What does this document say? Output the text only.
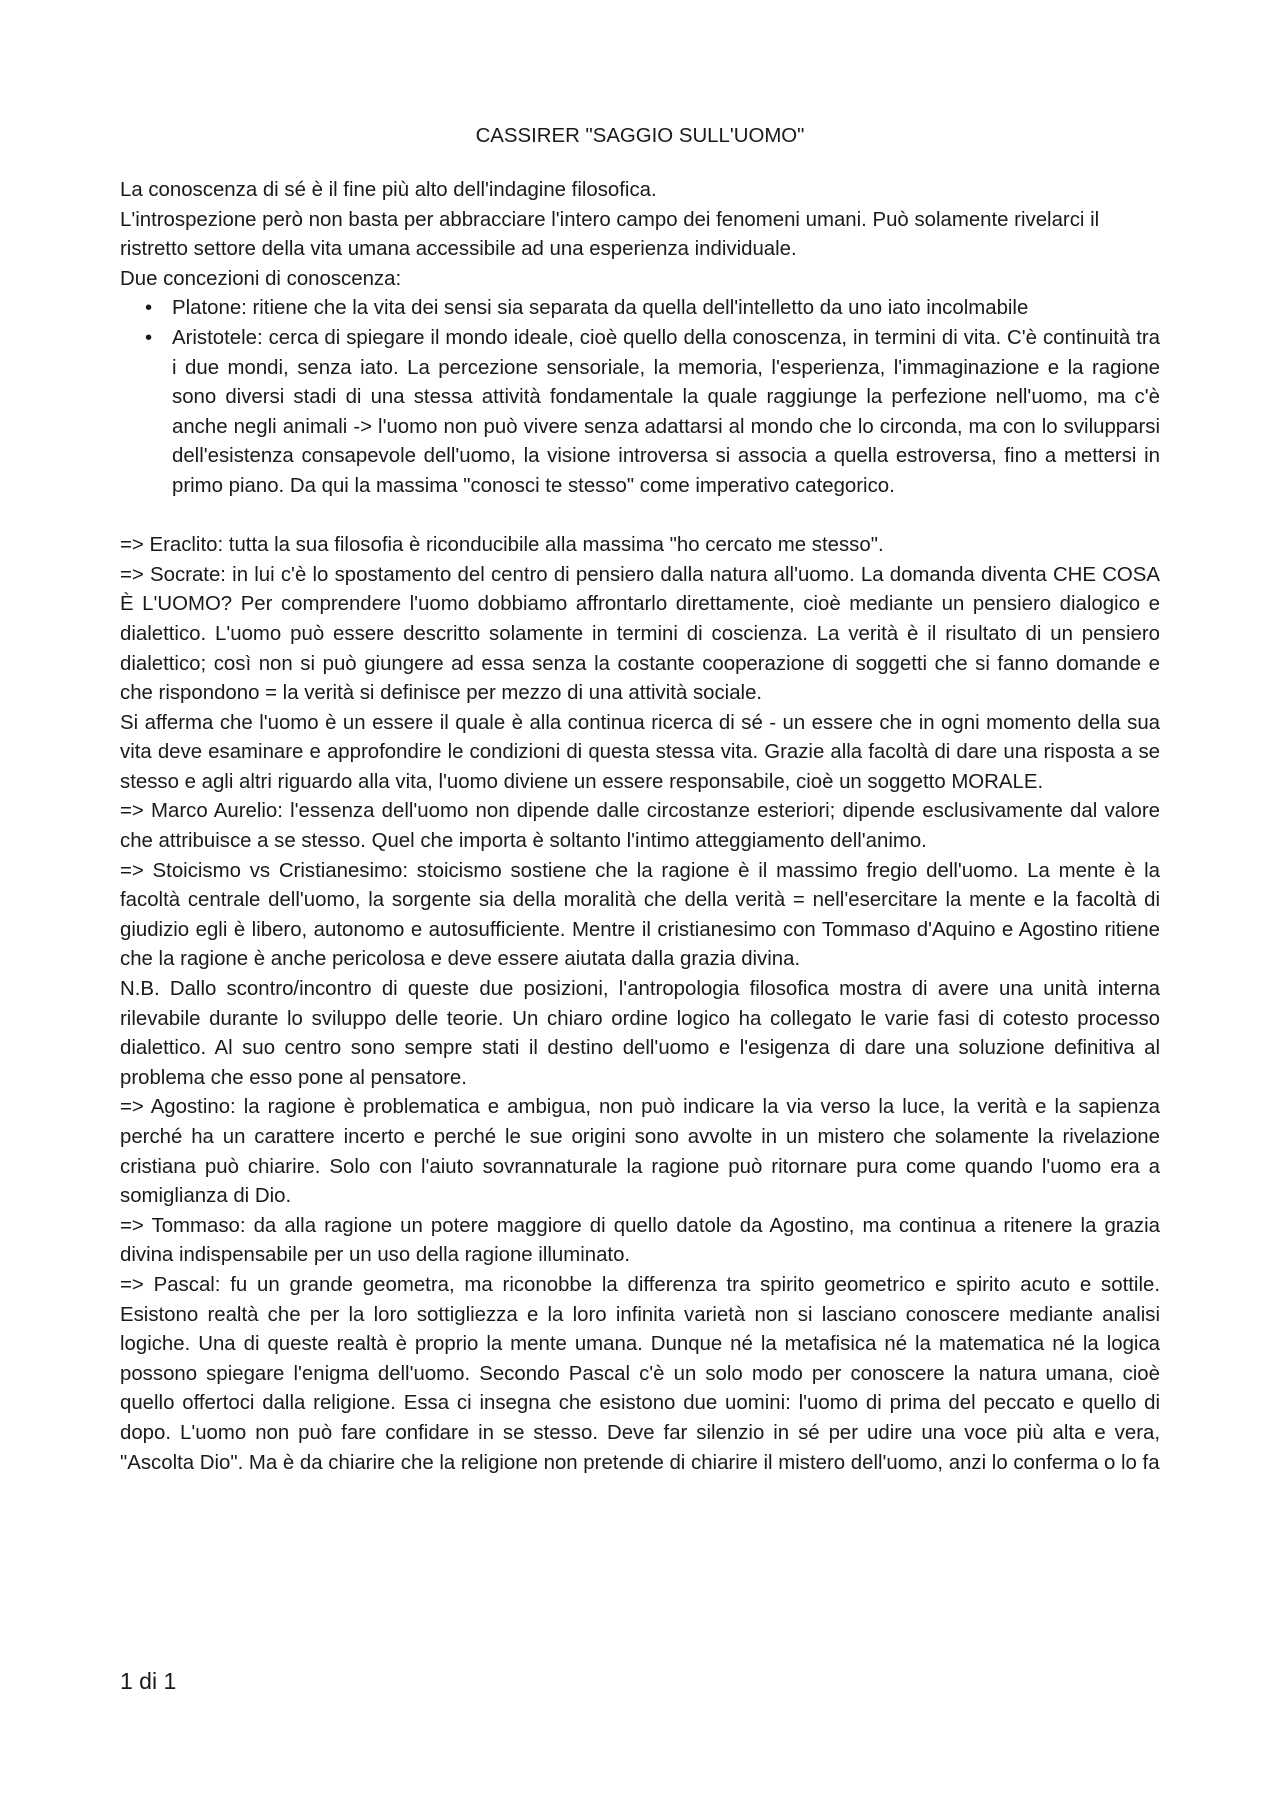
CASSIRER "SAGGIO SULL'UOMO"

La conoscenza di sé è il fine più alto dell'indagine filosofica.

L'introspezione però non basta per abbracciare l'intero campo dei fenomeni umani. Può solamente rivelarci il ristretto settore della vita umana accessibile ad una esperienza individuale.

Due concezioni di conoscenza:

• Platone: ritiene che la vita dei sensi sia separata da quella dell'intelletto da uno iato incolmabile
• Aristotele: cerca di spiegare il mondo ideale, cioè quello della conoscenza, in termini di vita. C'è continuità tra i due mondi, senza iato. La percezione sensoriale, la memoria, l'esperienza, l'immaginazione e la ragione sono diversi stadi di una stessa attività fondamentale la quale raggiunge la perfezione nell'uomo, ma c'è anche negli animali -> l'uomo non può vivere senza adattarsi al mondo che lo circonda, ma con lo svilupparsi dell'esistenza consapevole dell'uomo, la visione introversa si associa a quella estroversa, fino a mettersi in primo piano. Da qui la massima "conosci te stesso" come imperativo categorico.

=> Eraclito: tutta la sua filosofia è riconducibile alla massima "ho cercato me stesso".

=> Socrate: in lui c'è lo spostamento del centro di pensiero dalla natura all'uomo. La domanda diventa CHE COSA È L'UOMO? Per comprendere l'uomo dobbiamo affrontarlo direttamente, cioè mediante un pensiero dialogico e dialettico. L'uomo può essere descritto solamente in termini di coscienza. La verità è il risultato di un pensiero dialettico; così non si può giungere ad essa senza la costante cooperazione di soggetti che si fanno domande e che rispondono = la verità si definisce per mezzo di una attività sociale.

Si afferma che l'uomo è un essere il quale è alla continua ricerca di sé - un essere che in ogni momento della sua vita deve esaminare e approfondire le condizioni di questa stessa vita. Grazie alla facoltà di dare una risposta a se stesso e agli altri riguardo alla vita, l'uomo diviene un essere responsabile, cioè un soggetto MORALE.

=> Marco Aurelio: l'essenza dell'uomo non dipende dalle circostanze esteriori; dipende esclusivamente dal valore che attribuisce a se stesso. Quel che importa è soltanto l'intimo atteggiamento dell'animo.

=> Stoicismo vs Cristianesimo: stoicismo sostiene che la ragione è il massimo fregio dell'uomo. La mente è la facoltà centrale dell'uomo, la sorgente sia della moralità che della verità = nell'esercitare la mente e la facoltà di giudizio egli è libero, autonomo e autosufficiente. Mentre il cristianesimo con Tommaso d'Aquino e Agostino ritiene che la ragione è anche pericolosa e deve essere aiutata dalla grazia divina.

N.B. Dallo scontro/incontro di queste due posizioni, l'antropologia filosofica mostra di avere una unità interna rilevabile durante lo sviluppo delle teorie. Un chiaro ordine logico ha collegato le varie fasi di cotesto processo dialettico. Al suo centro sono sempre stati il destino dell'uomo e l'esigenza di dare una soluzione definitiva al problema che esso pone al pensatore.

=> Agostino: la ragione è problematica e ambigua, non può indicare la via verso la luce, la verità e la sapienza perché ha un carattere incerto e perché le sue origini sono avvolte in un mistero che solamente la rivelazione cristiana può chiarire. Solo con l'aiuto sovrannaturale la ragione può ritornare pura come quando l'uomo era a somiglianza di Dio.

=> Tommaso: da alla ragione un potere maggiore di quello datole da Agostino, ma continua a ritenere la grazia divina indispensabile per un uso della ragione illuminato.

=> Pascal: fu un grande geometra, ma riconobbe la differenza tra spirito geometrico e spirito acuto e sottile. Esistono realtà che per la loro sottigliezza e la loro infinita varietà non si lasciano conoscere mediante analisi logiche. Una di queste realtà è proprio la mente umana. Dunque né la metafisica né la matematica né la logica possono spiegare l'enigma dell'uomo. Secondo Pascal c'è un solo modo per conoscere la natura umana, cioè quello offertoci dalla religione. Essa ci insegna che esistono due uomini: l'uomo di prima del peccato e quello di dopo. L'uomo non può fare confidare in se stesso. Deve far silenzio in sé per udire una voce più alta e vera, "Ascolta Dio". Ma è da chiarire che la religione non pretende di chiarire il mistero dell'uomo, anzi lo conferma o lo fa

1 di 1
